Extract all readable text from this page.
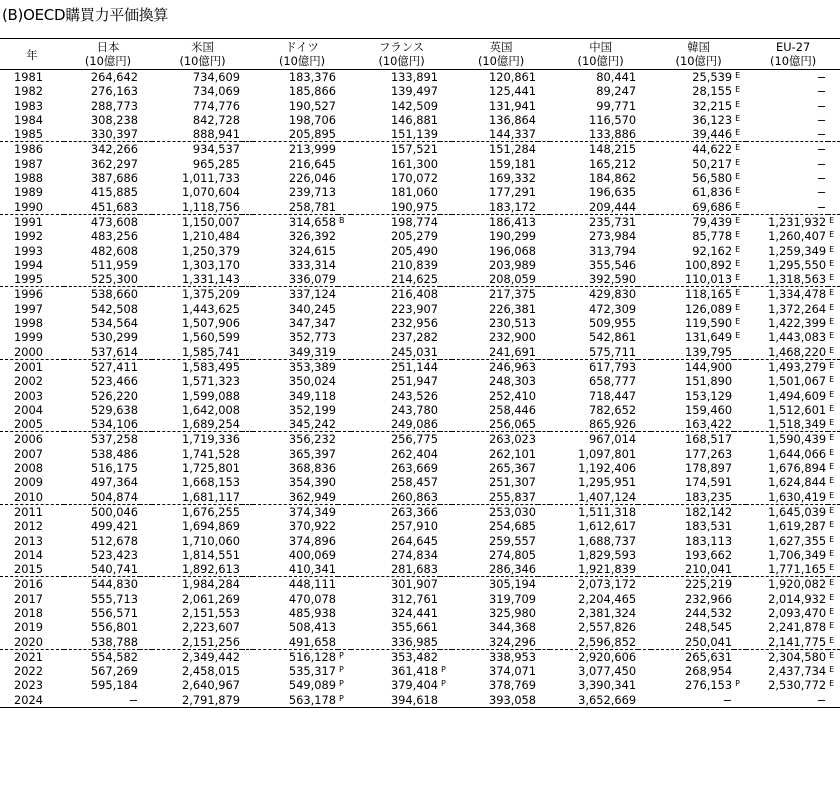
(B)OECD購買力平価換算
年	日本		米国		ドイツ		フランス		英国		中国		韓国		EU-27	
	(10億円)		(10億円)		(10億円)		(10億円)		(10億円)		(10億円)		(10億円)		(10億円)	
1981	264,642		734,609		183,376		133,891		120,861		80,441		25,539	E	−	
1982	276,163		734,069		185,866		139,497		125,441		89,247		28,155	E	−	
1983	288,773		774,776		190,527		142,509		131,941		99,771		32,215	E	−	
1984	308,238		842,728		198,706		146,881		136,864		116,570		36,123	E	−	
1985	330,397		888,941		205,895		151,139		144,337		133,886		39,446	E	−	
1986	342,266		934,537		213,999		157,521		151,284		148,215		44,622	E	−	
1987	362,297		965,285		216,645		161,300		159,181		165,212		50,217	E	−	
1988	387,686		1,011,733		226,046		170,072		169,332		184,862		56,580	E	−	
1989	415,885		1,070,604		239,713		181,060		177,291		196,635		61,836	E	−	
1990	451,683		1,118,756		258,781		190,975		183,172		209,444		69,686	E	−	
1991	473,608		1,150,007		314,658	B	198,774		186,413		235,731		79,439	E	1,231,932	E
1992	483,256		1,210,484		326,392		205,279		190,299		273,984		85,778	E	1,260,407	E
1993	482,608		1,250,379		324,615		205,490		196,068		313,794		92,162	E	1,259,349	E
1994	511,959		1,303,170		333,314		210,839		203,989		355,546		100,892	E	1,295,550	E
1995	525,300		1,331,143		336,079		214,625		208,059		392,590		110,013	E	1,318,563	E
1996	538,660		1,375,209		337,124		216,408		217,375		429,830		118,165	E	1,334,478	E
1997	542,508		1,443,625		340,245		223,907		226,381		472,309		126,089	E	1,372,264	E
1998	534,564		1,507,906		347,347		232,956		230,513		509,955		119,590	E	1,422,399	E
1999	530,299		1,560,599		352,773		237,282		232,900		542,861		131,649	E	1,443,083	E
2000	537,614		1,585,741		349,319		245,031		241,691		575,711		139,795		1,468,220	E
2001	527,411		1,583,495		353,389		251,144		246,963		617,793		144,900		1,493,279	E
2002	523,466		1,571,323		350,024		251,947		248,303		658,777		151,890		1,501,067	E
2003	526,220		1,599,088		349,118		243,526		252,410		718,447		153,129		1,494,609	E
2004	529,638		1,642,008		352,199		243,780		258,446		782,652		159,460		1,512,601	E
2005	534,106		1,689,254		345,242		249,086		256,065		865,926		163,422		1,518,349	E
2006	537,258		1,719,336		356,232		256,775		263,023		967,014		168,517		1,590,439	E
2007	538,486		1,741,528		365,397		262,404		262,101		1,097,801		177,263		1,644,066	E
2008	516,175		1,725,801		368,836		263,669		265,367		1,192,406		178,897		1,676,894	E
2009	497,364		1,668,153		354,390		258,457		251,307		1,295,951		174,591		1,624,844	E
2010	504,874		1,681,117		362,949		260,863		255,837		1,407,124		183,235		1,630,419	E
2011	500,046		1,676,255		374,349		263,366		253,030		1,511,318		182,142		1,645,039	E
2012	499,421		1,694,869		370,922		257,910		254,685		1,612,617		183,531		1,619,287	E
2013	512,678		1,710,060		374,896		264,645		259,557		1,688,737		183,113		1,627,355	E
2014	523,423		1,814,551		400,069		274,834		274,805		1,829,593		193,662		1,706,349	E
2015	540,741		1,892,613		410,341		281,683		286,346		1,921,839		210,041		1,771,165	E
2016	544,830		1,984,284		448,111		301,907		305,194		2,073,172		225,219		1,920,082	E
2017	555,713		2,061,269		470,078		312,761		319,709		2,204,465		232,966		2,014,932	E
2018	556,571		2,151,553		485,938		324,441		325,980		2,381,324		244,532		2,093,470	E
2019	556,801		2,223,607		508,413		355,661		344,368		2,557,826		248,545		2,241,878	E
2020	538,788		2,151,256		491,658		336,985		324,296		2,596,852		250,041		2,141,775	E
2021	554,582		2,349,442		516,128	P	353,482		338,953		2,920,606		265,631		2,304,580	E
2022	567,269		2,458,015		535,317	P	361,418	P	374,071		3,077,450		268,954		2,437,734	E
2023	595,184		2,640,967		549,089	P	379,404	P	378,769		3,390,341		276,153	P	2,530,772	E
2024	−		2,791,879		563,178	P	394,618		393,058		3,652,669		−		−	
